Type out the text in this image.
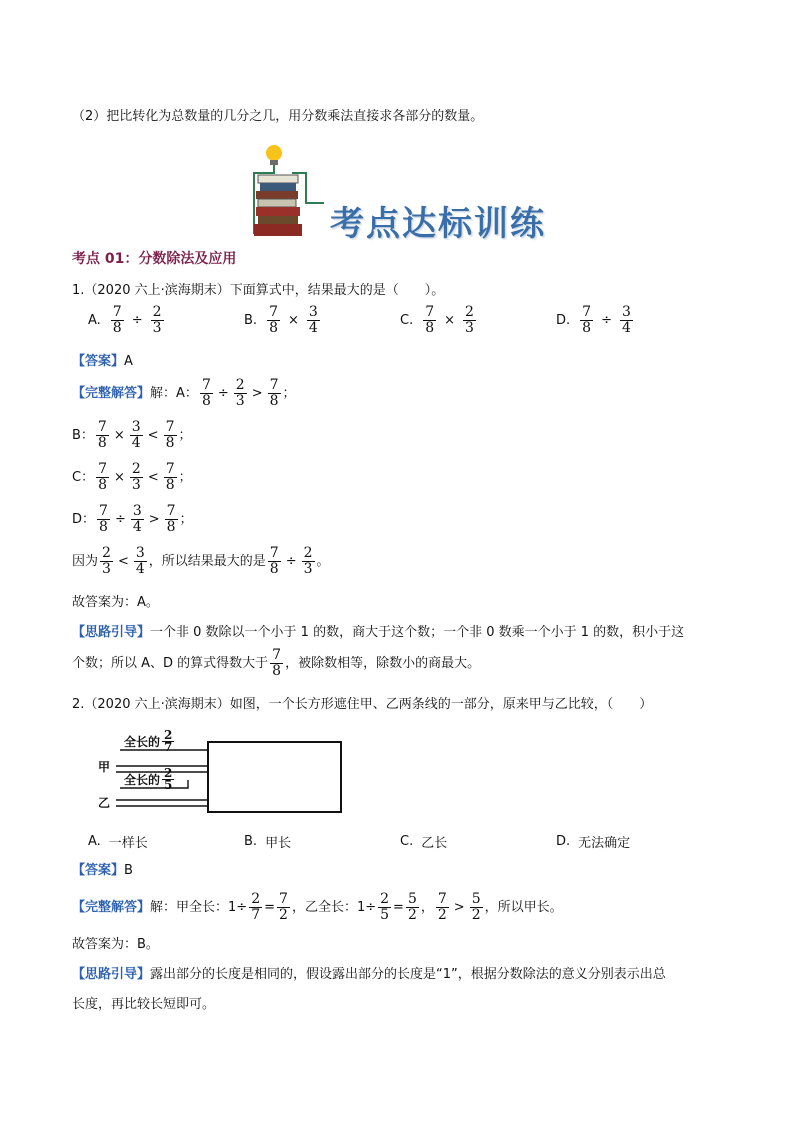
（2）把比转化为总数量的几分之几，用分数乘法直接求各部分的数量。
考点达标训练
考点 01：分数除法及应用
1.（2020 六上·滨海期末）下面算式中，结果最大的是（　　）。
A. $\frac{7}{8} \div \frac{2}{3}$	B. $\frac{7}{8} \times \frac{3}{4}$	C. $\frac{7}{8} \times \frac{2}{3}$	D. $\frac{7}{8} \div \frac{3}{4}$
【答案】A
【完整解答】 解： A： $\frac{7}{8} \div \frac{2}{3} > \frac{7}{8}$ ；
B： $\frac{7}{8} \times \frac{3}{4} < \frac{7}{8}$ ；
C： $\frac{7}{8} \times \frac{2}{3} < \frac{7}{8}$ ；
D： $\frac{7}{8} \div \frac{3}{4} > \frac{7}{8}$ ；
因为 $\frac{2}{3} < \frac{3}{4}$ ，所以结果最大的是 $\frac{7}{8} \div \frac{2}{3}$ 。
故答案为：A。
【思路引导】一个非 0 数除以一个小于 1 的数，商大于这个数；一个非 0 数乘一个小于 1 的数，积小于这
个数；所以 A、D 的算式得数大于 $\frac{7}{8}$ ，被除数相等，除数小的商最大。
2.（2020 六上·滨海期末）如图，一个长方形遮住甲、乙两条线的一部分，原来甲与乙比较，（　　）
甲
乙
全长的 $\frac{2}{7}$
全长的 $\frac{2}{5}$
A. 一样长	B. 甲长	C. 乙长	D. 无法确定
【答案】B
【完整解答】 解：甲全长：$1\div \frac{2}{7} = \frac{7}{2}$ ，乙全长：$1\div \frac{2}{5} = \frac{5}{2}$ ， $\frac{7}{2} > \frac{5}{2}$ ，所以甲长。
故答案为：B。
【思路引导】露出部分的长度是相同的，假设露出部分的长度是“1”，根据分数除法的意义分别表示出总
长度，再比较长短即可。
